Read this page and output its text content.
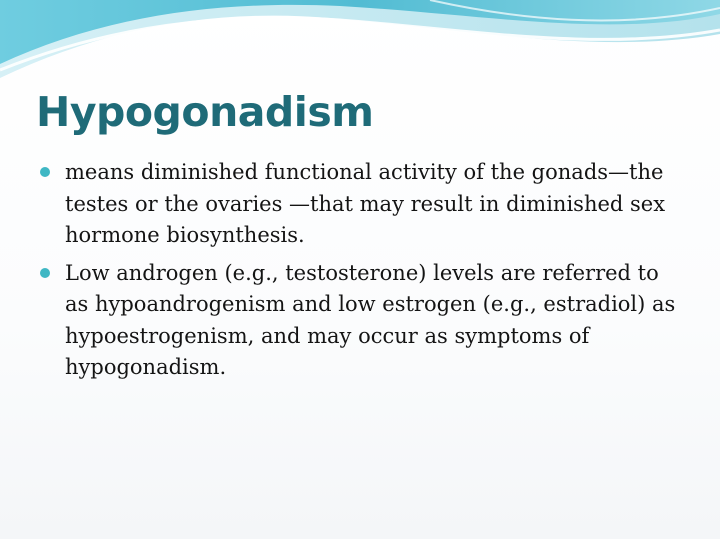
Hypogonadism
means diminished functional activity of the gonads—the testes or the ovaries —that may result in diminished sex hormone biosynthesis.
Low androgen (e.g., testosterone) levels are referred to as hypoandrogenism and low estrogen (e.g., estradiol) as hypoestrogenism, and may occur as symptoms of hypogonadism.
